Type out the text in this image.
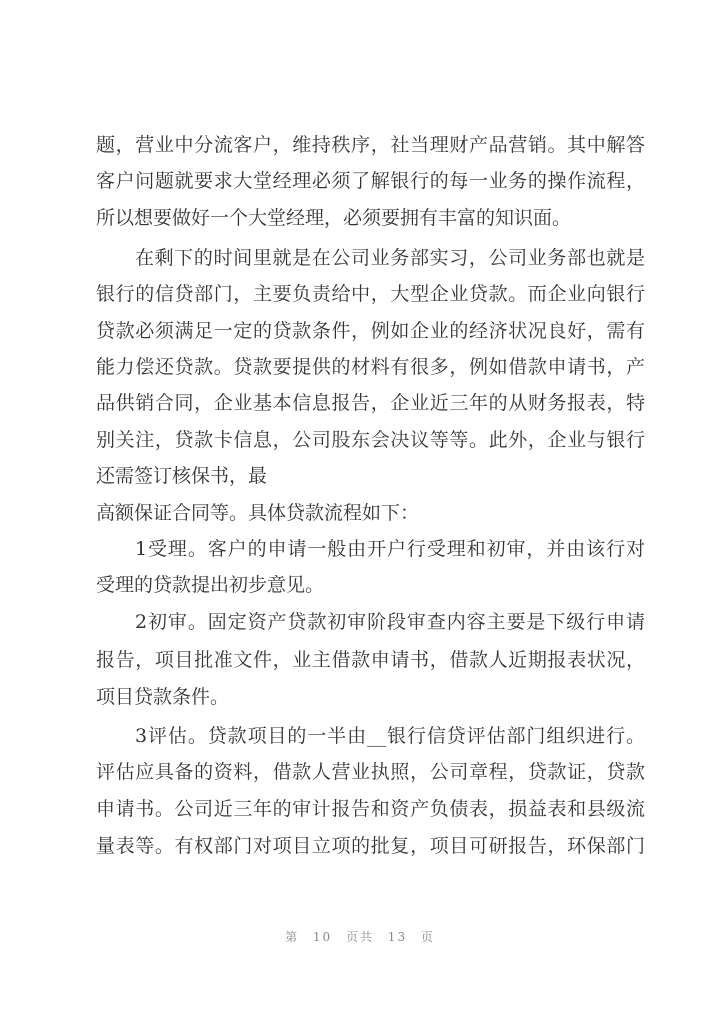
题，营业中分流客户，维持秩序，社当理财产品营销。其中解答
客户问题就要求大堂经理必须了解银行的每一业务的操作流程，
所以想要做好一个大堂经理，必须要拥有丰富的知识面。
在剩下的时间里就是在公司业务部实习，公司业务部也就是
银行的信贷部门，主要负责给中，大型企业贷款。而企业向银行
贷款必须满足一定的贷款条件，例如企业的经济状况良好，需有
能力偿还贷款。贷款要提供的材料有很多，例如借款申请书，产
品供销合同，企业基本信息报告，企业近三年的从财务报表，特
别关注，贷款卡信息，公司股东会决议等等。此外，企业与银行
还需签订核保书，最
高额保证合同等。具体贷款流程如下：
1受理。客户的申请一般由开户行受理和初审，并由该行对
受理的贷款提出初步意见。
2初审。固定资产贷款初审阶段审查内容主要是下级行申请
报告，项目批准文件，业主借款申请书，借款人近期报表状况，
项目贷款条件。
3评估。贷款项目的一半由__银行信贷评估部门组织进行。
评估应具备的资料，借款人营业执照，公司章程，贷款证，贷款
申请书。公司近三年的审计报告和资产负债表，损益表和县级流
量表等。有权部门对项目立项的批复，项目可研报告，环保部门
第 10 页共 13 页
